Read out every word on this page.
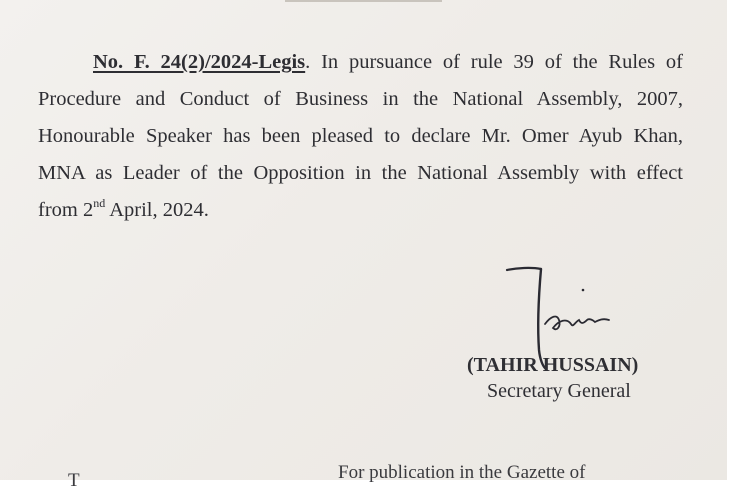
No. F. 24(2)/2024-Legis. In pursuance of rule 39 of the Rules of
Procedure and Conduct of Business in the National Assembly, 2007,
Honourable Speaker has been pleased to declare Mr. Omer Ayub Khan,
MNA as Leader of the Opposition in the National Assembly with effect
from 2nd April, 2024.
(TAHIR HUSSAIN)
Secretary General
T	For publication in the Gazette of
